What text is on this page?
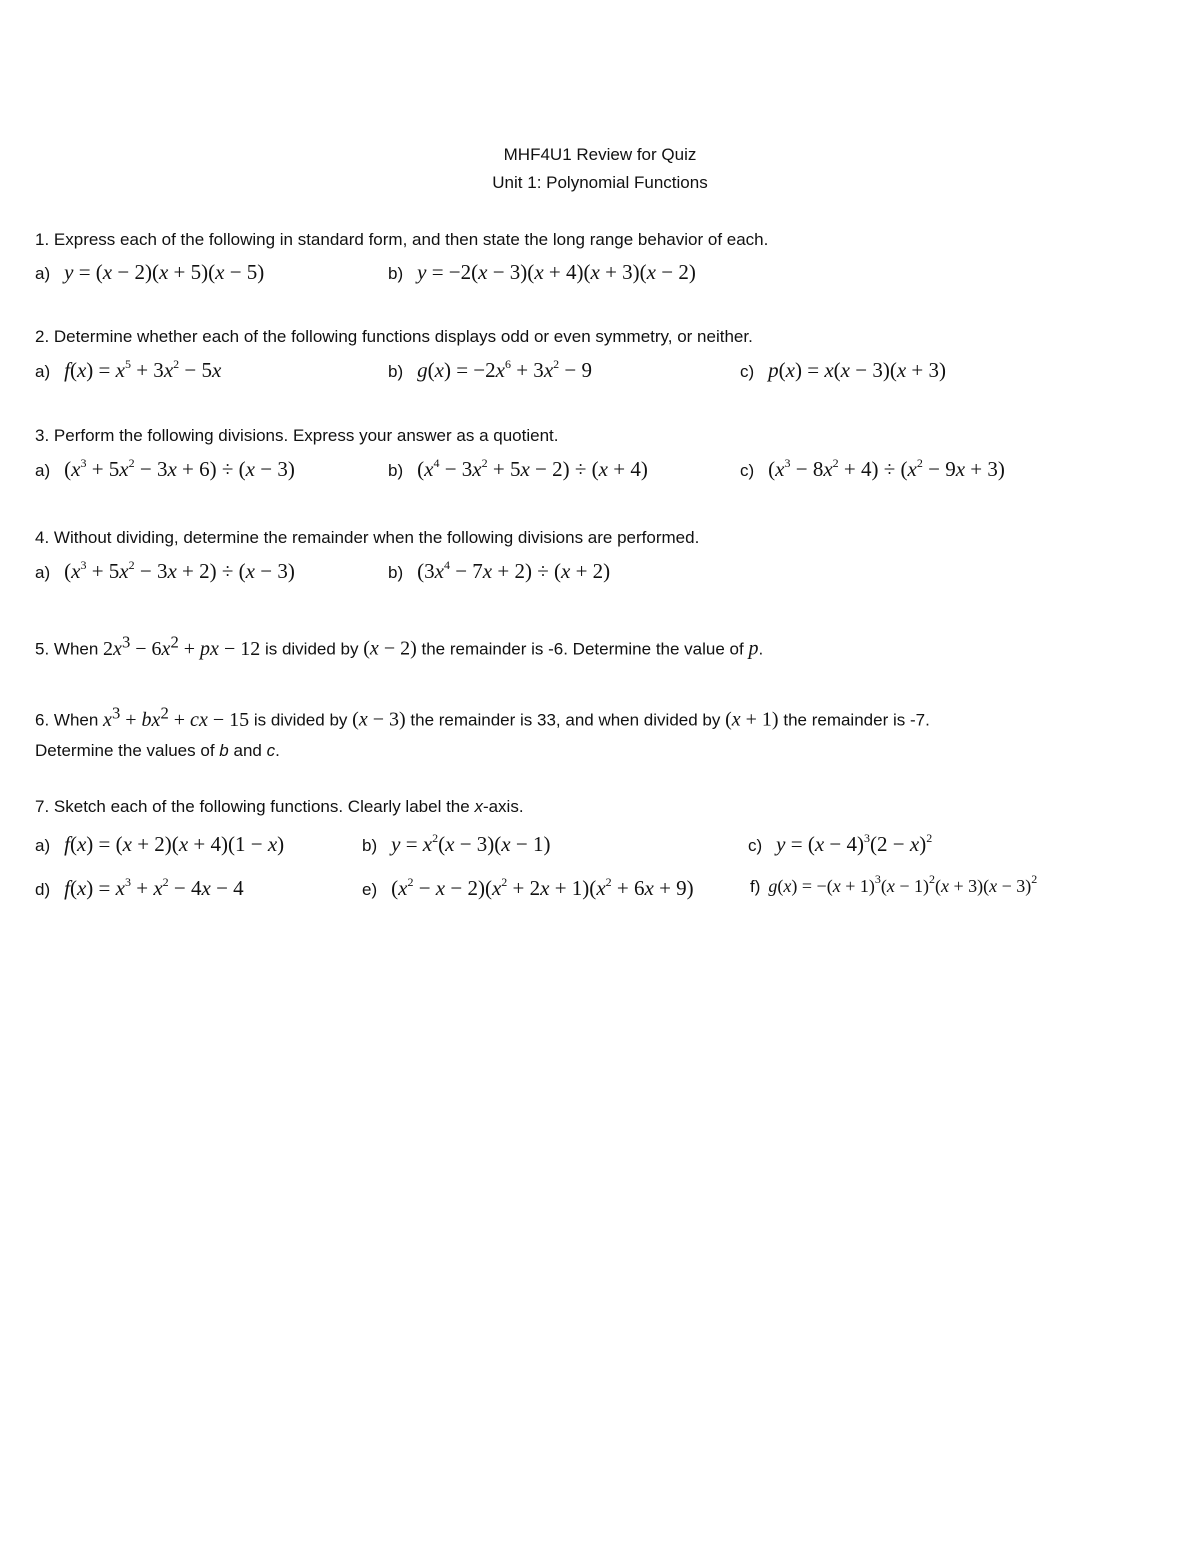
MHF4U1 Review for Quiz
Unit 1: Polynomial Functions
1. Express each of the following in standard form, and then state the long range behavior of each.
a) y = (x − 2)(x + 5)(x − 5)	b) y = −2(x − 3)(x + 4)(x + 3)(x − 2)
2. Determine whether each of the following functions displays odd or even symmetry, or neither.
a) $f(x) = x^5 + 3x^2 - 5x$	b) $g(x) = -2x^6 + 3x^2 - 9$	c) p(x) = x(x − 3)(x + 3)
3. Perform the following divisions. Express your answer as a quotient.
a) $(x^3 + 5x^2 - 3x + 6) \div (x - 3)$	b) $(x^4 - 3x^2 + 5x - 2) \div (x + 4)$	c) $(x^3 - 8x^2 + 4) \div (x^2 - 9x + 3)$
4. Without dividing, determine the remainder when the following divisions are performed.
a) $(x^3 + 5x^2 - 3x + 2) \div (x - 3)$	b) $(3x^4 - 7x + 2) \div (x + 2)$
5. When $2x^3 - 6x^2$ + px − 12 is divided by (x − 2) the remainder is -6. Determine the value of p.
6. When $x^3 + bx^2$ + cx − 15 is divided by (x − 3) the remainder is 33, and when divided by (x + 1) the remainder is -7.
Determine the values of b and c.
7. Sketch each of the following functions. Clearly label the x-axis.
a) f(x) = (x + 2)(x + 4)(1 − x)	b) $y = x^2(x - 3)(x - 1)$	c) $y = (x - 4)^3(2 - x)^2$
d) $f(x) = x^3 + x^2 - 4x - 4$	e) $(x^2 - x - 2)(x^2 + 2x + 1)(x^2 + 6x + 9)$	f) $g(x) = -(x + 1)^3(x - 1)^2(x + 3)(x - 3)^2$
